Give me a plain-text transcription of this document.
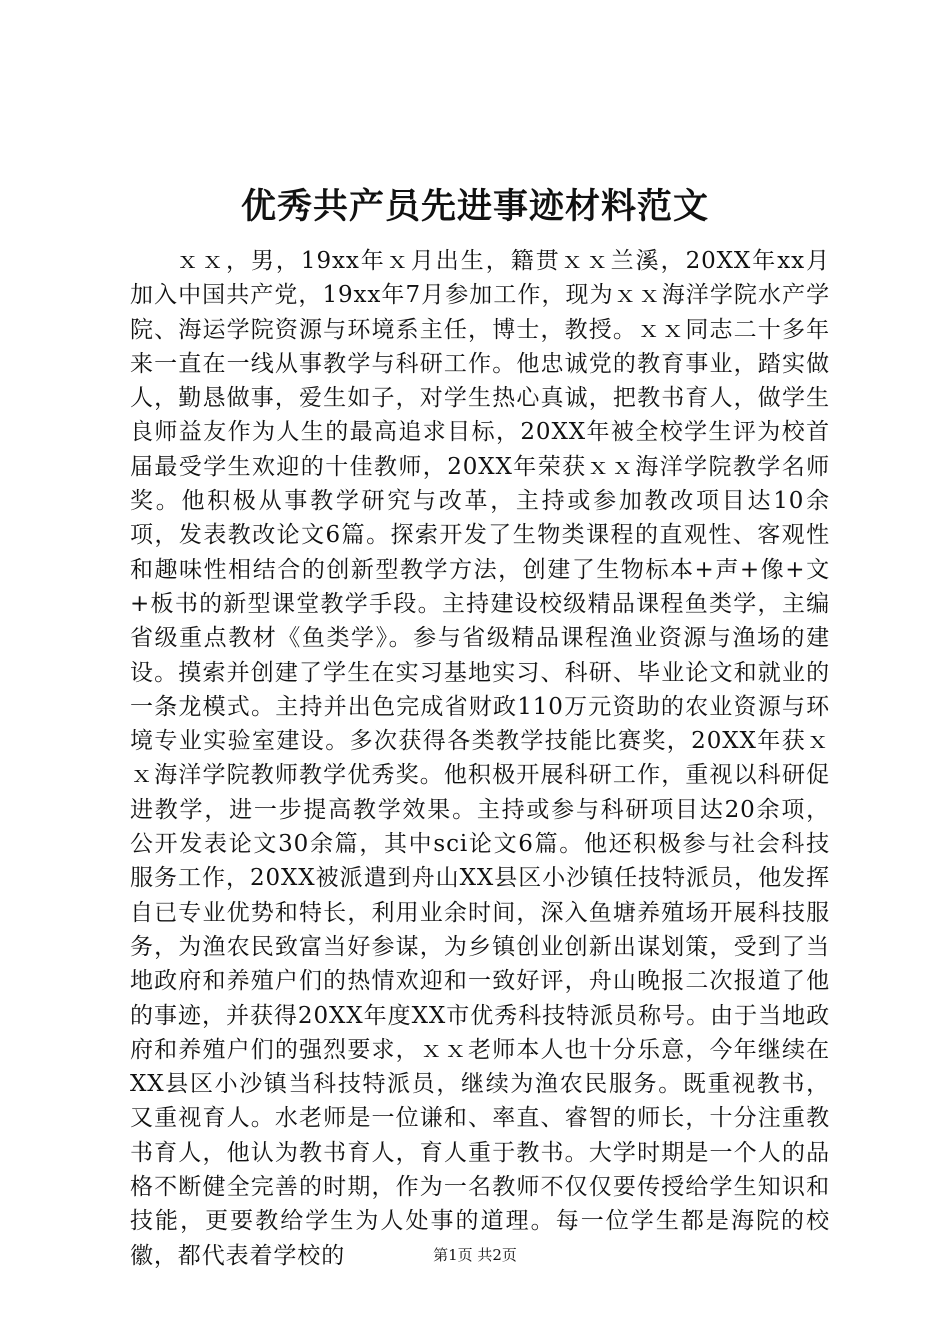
优秀共产员先进事迹材料范文

ｘｘ，男，19xx年ｘ月出生，籍贯ｘｘ兰溪，20XX年xx月加入中国共产党，19xx年7月参加工作，现为ｘｘ海洋学院水产学院、海运学院资源与环境系主任，博士，教授。ｘｘ同志二十多年来一直在一线从事教学与科研工作。他忠诚党的教育事业，踏实做人，勤恳做事，爱生如子，对学生热心真诚，把教书育人，做学生良师益友作为人生的最高追求目标，20XX年被全校学生评为校首届最受学生欢迎的十佳教师，20XX年荣获ｘｘ海洋学院教学名师奖。他积极从事教学研究与改革，主持或参加教改项目达10余项，发表教改论文6篇。探索开发了生物类课程的直观性、客观性和趣味性相结合的创新型教学方法，创建了生物标本+声+像+文+板书的新型课堂教学手段。主持建设校级精品课程鱼类学，主编省级重点教材《鱼类学》。参与省级精品课程渔业资源与渔场的建设。摸索并创建了学生在实习基地实习、科研、毕业论文和就业的一条龙模式。主持并出色完成省财政110万元资助的农业资源与环境专业实验室建设。多次获得各类教学技能比赛奖，20XX年获ｘｘ海洋学院教师教学优秀奖。他积极开展科研工作，重视以科研促进教学，进一步提高教学效果。主持或参与科研项目达20余项，公开发表论文30余篇，其中sci论文6篇。他还积极参与社会科技服务工作，20XX被派遣到舟山XX县区小沙镇任技特派员，他发挥自已专业优势和特长，利用业余时间，深入鱼塘养殖场开展科技服务，为渔农民致富当好参谋，为乡镇创业创新出谋划策，受到了当地政府和养殖户们的热情欢迎和一致好评，舟山晚报二次报道了他的事迹，并获得20XX年度XX市优秀科技特派员称号。由于当地政府和养殖户们的强烈要求，ｘｘ老师本人也十分乐意，今年继续在XX县区小沙镇当科技特派员，继续为渔农民服务。既重视教书，又重视育人。水老师是一位谦和、率直、睿智的师长，十分注重教书育人，他认为教书育人，育人重于教书。大学时期是一个人的品格不断健全完善的时期，作为一名教师不仅仅要传授给学生知识和技能，更要教给学生为人处事的道理。每一位学生都是海院的校徽，都代表着学校的	第1页 共2页
